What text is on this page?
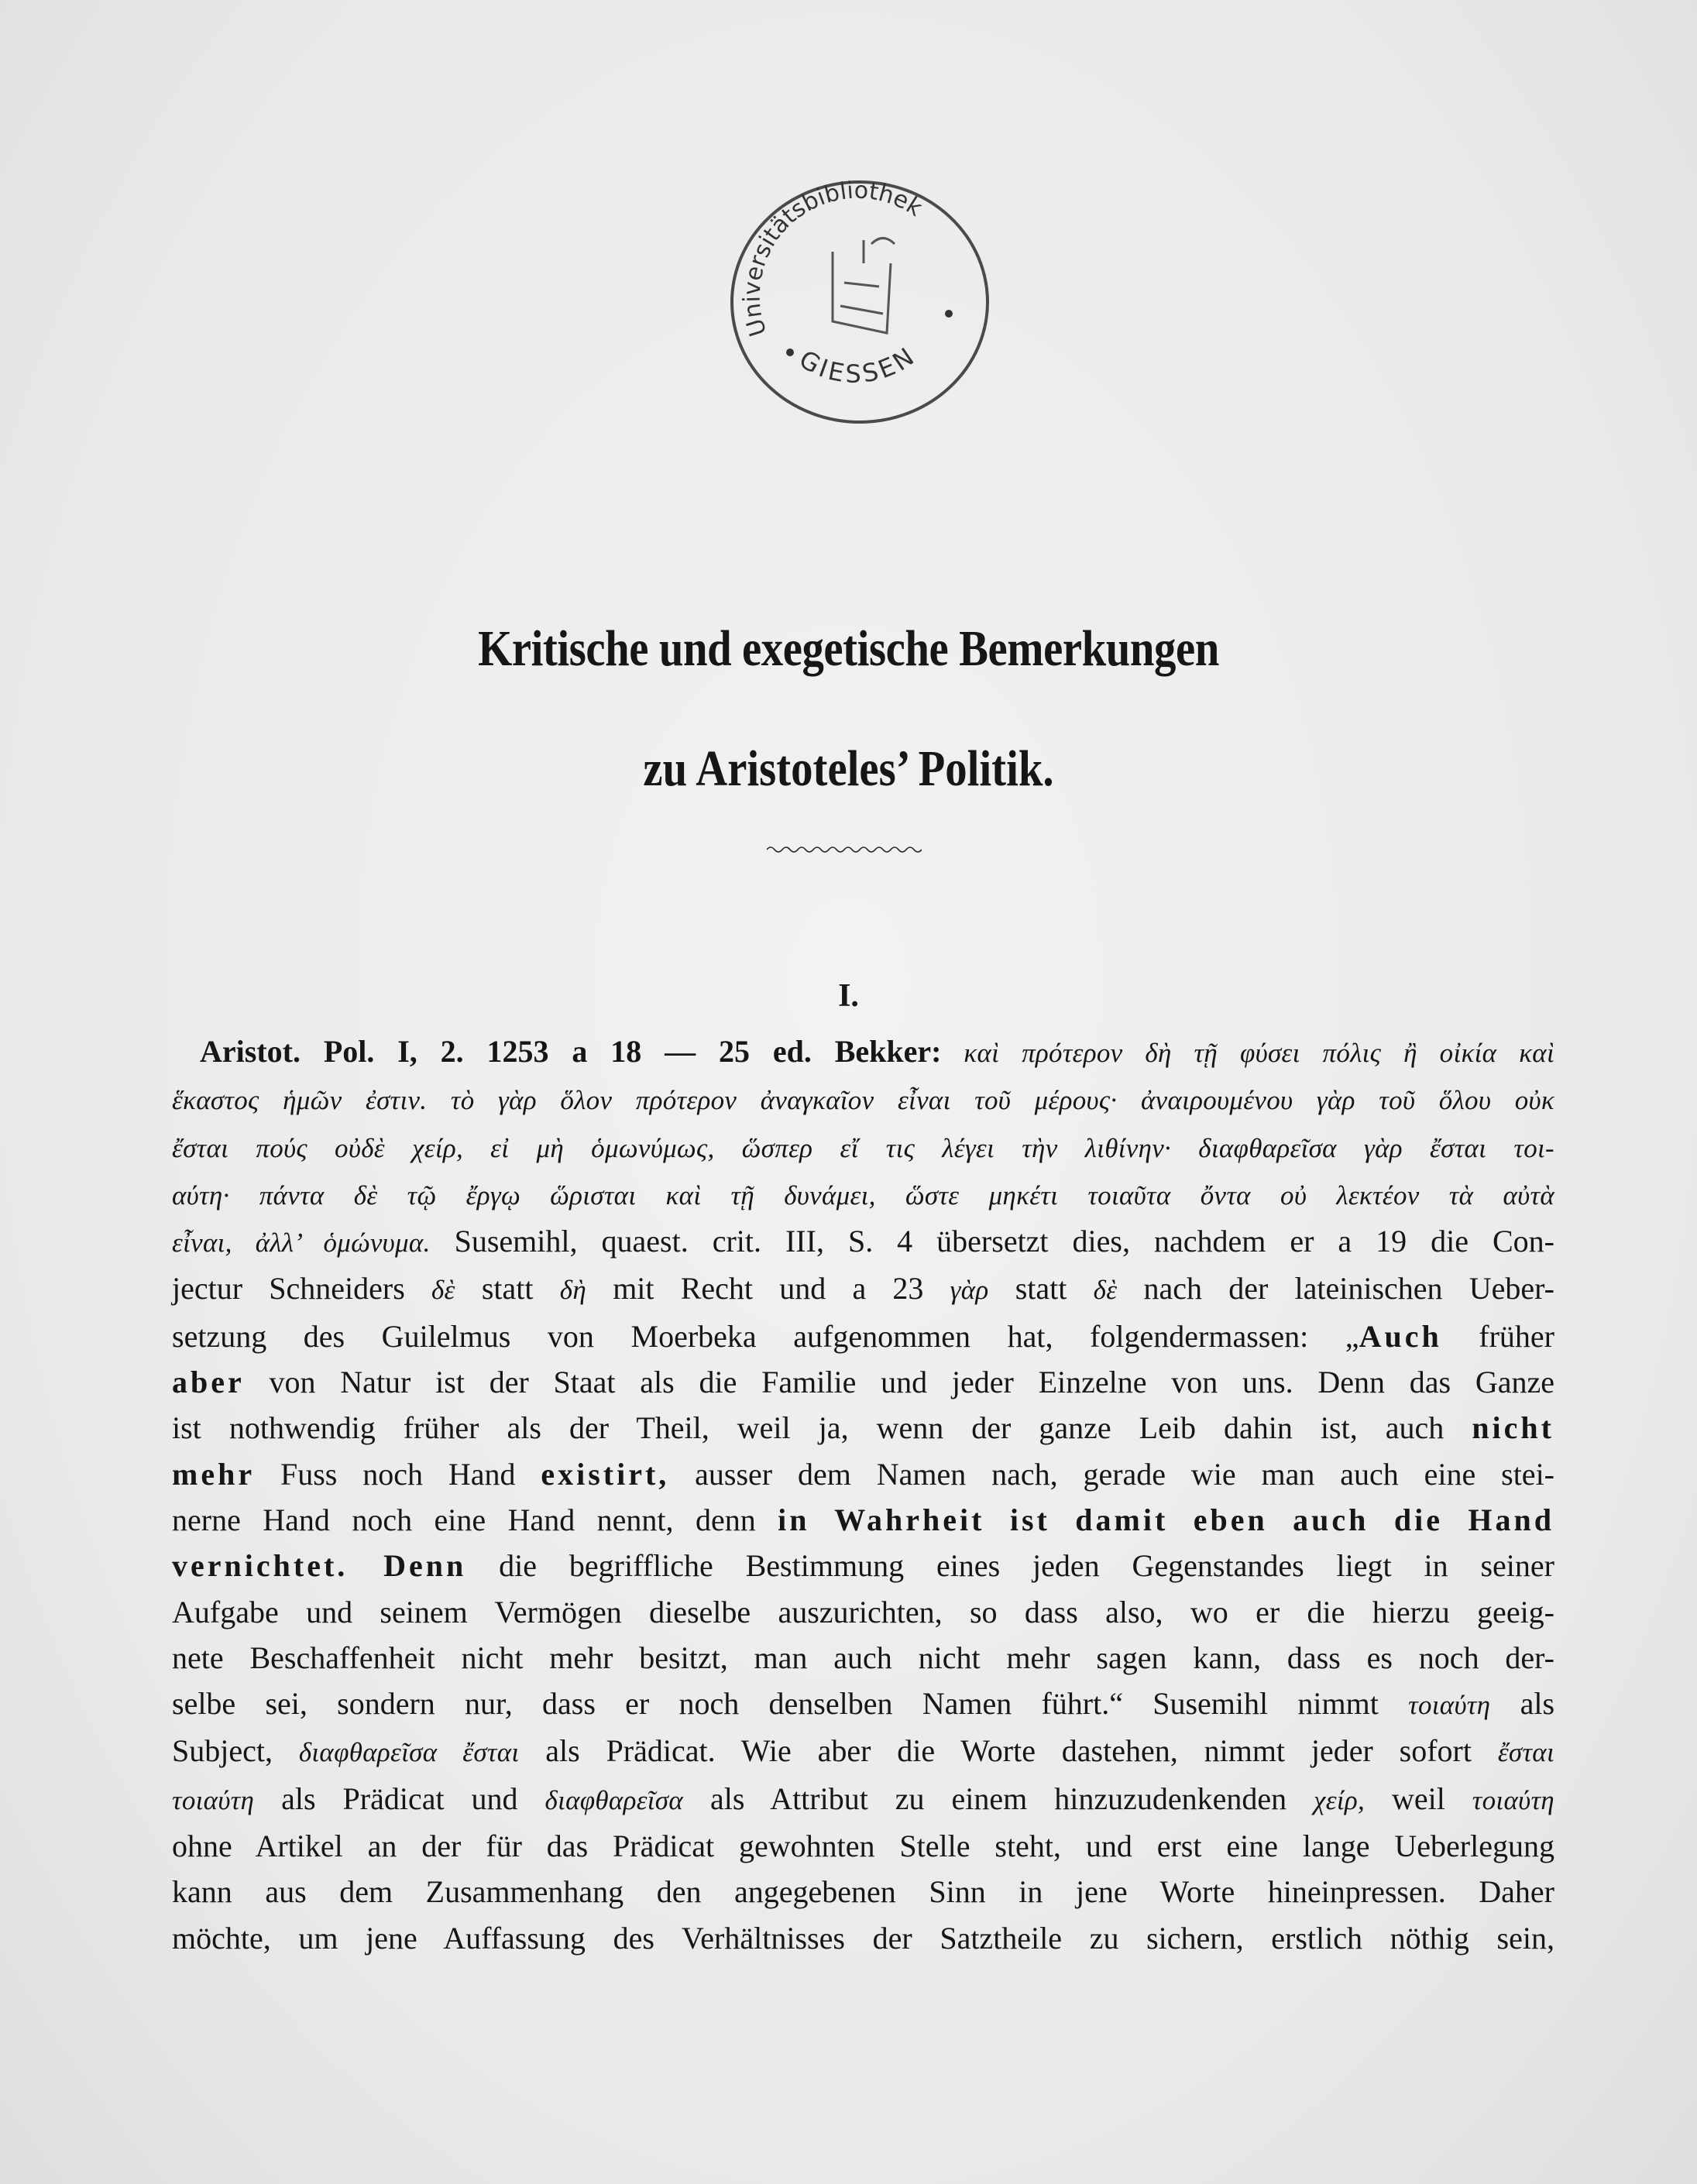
Universitätsbibliothek
GIESSEN
Kritische und exegetische Bemerkungen
zu Aristoteles’ Politik.
I.
Aristot. Pol. I, 2. 1253 a 18 — 25 ed. Bekker: καὶ πρότερον δὴ τῇ φύσει πόλις ἢ οἰκία καὶ
ἕκαστος ἡμῶν ἐστιν. τὸ γὰρ ὅλον πρότερον ἀναγκαῖον εἶναι τοῦ μέρους· ἀναιρουμένου γὰρ τοῦ ὅλου οὐκ
ἔσται πούς οὐδὲ χείρ, εἰ μὴ ὁμωνύμως, ὥσπερ εἴ τις λέγει τὴν λιθίνην· διαφθαρεῖσα γὰρ ἔσται τοι-
αύτη· πάντα δὲ τῷ ἔργῳ ὥρισται καὶ τῇ δυνάμει, ὥστε μηκέτι τοιαῦτα ὄντα οὐ λεκτέον τὰ αὐτὰ
εἶναι, ἀλλ’ ὁμώνυμα. Susemihl, quaest. crit. III, S. 4 übersetzt dies, nachdem er a 19 die Con-
jectur Schneiders δὲ statt δὴ mit Recht und a 23 γὰρ statt δὲ nach der lateinischen Ueber-
setzung des Guilelmus von Moerbeka aufgenommen hat, folgendermassen: „Auch früher
aber von Natur ist der Staat als die Familie und jeder Einzelne von uns. Denn das Ganze
ist nothwendig früher als der Theil, weil ja, wenn der ganze Leib dahin ist, auch nicht
mehr Fuss noch Hand existirt, ausser dem Namen nach, gerade wie man auch eine stei-
nerne Hand noch eine Hand nennt, denn in Wahrheit ist damit eben auch die Hand
vernichtet. Denn die begriffliche Bestimmung eines jeden Gegenstandes liegt in seiner
Aufgabe und seinem Vermögen dieselbe auszurichten, so dass also, wo er die hierzu geeig-
nete Beschaffenheit nicht mehr besitzt, man auch nicht mehr sagen kann, dass es noch der-
selbe sei, sondern nur, dass er noch denselben Namen führt.“ Susemihl nimmt τοιαύτη als
Subject, διαφθαρεῖσα ἔσται als Prädicat. Wie aber die Worte dastehen, nimmt jeder sofort ἔσται
τοιαύτη als Prädicat und διαφθαρεῖσα als Attribut zu einem hinzuzudenkenden χείρ, weil τοιαύτη
ohne Artikel an der für das Prädicat gewohnten Stelle steht, und erst eine lange Ueberlegung
kann aus dem Zusammenhang den angegebenen Sinn in jene Worte hineinpressen. Daher
möchte, um jene Auffassung des Verhältnisses der Satztheile zu sichern, erstlich nöthig sein,
